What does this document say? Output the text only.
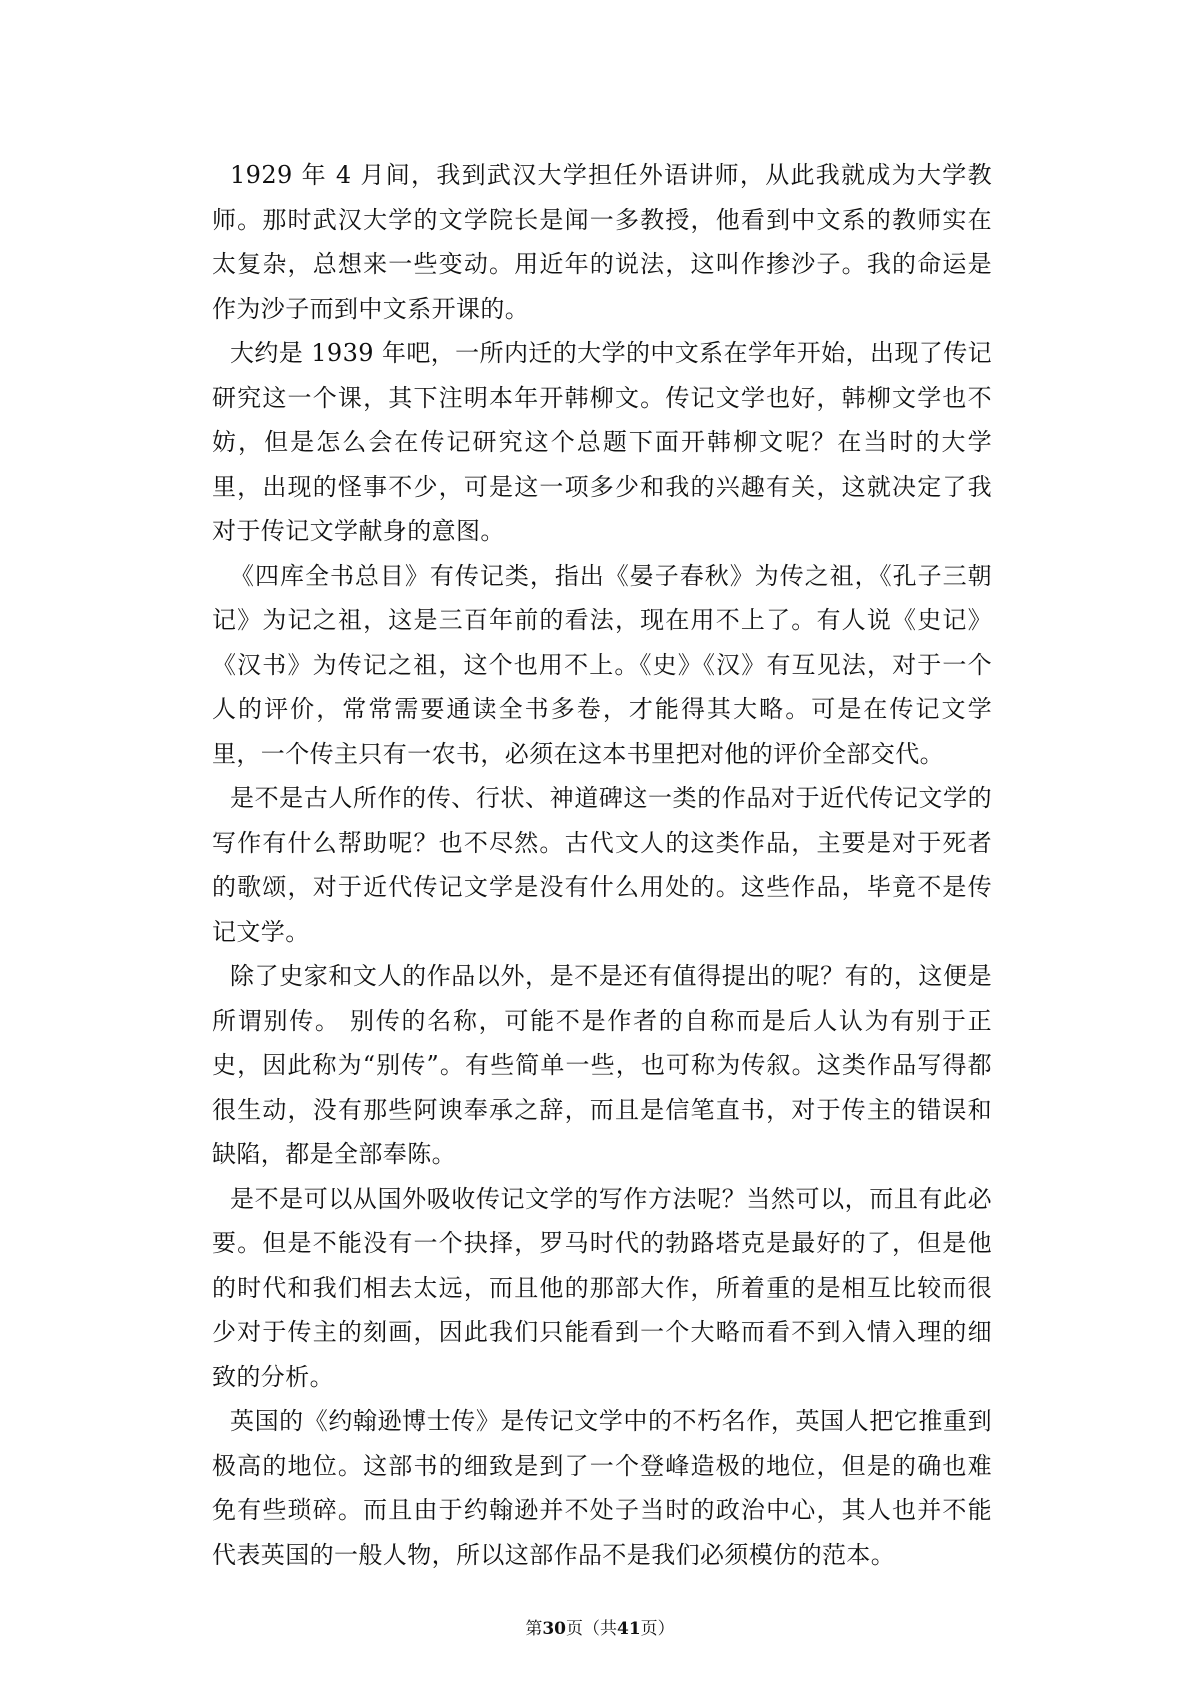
1929 年 4 月间，我到武汉大学担任外语讲师，从此我就成为大学教师。那时武汉大学的文学院长是闻一多教授，他看到中文系的教师实在太复杂，总想来一些变动。用近年的说法，这叫作掺沙子。我的命运是作为沙子而到中文系开课的。

大约是 1939 年吧，一所内迁的大学的中文系在学年开始，出现了传记研究这一个课，其下注明本年开韩柳文。传记文学也好，韩柳文学也不妨，但是怎么会在传记研究这个总题下面开韩柳文呢？在当时的大学里，出现的怪事不少，可是这一项多少和我的兴趣有关，这就决定了我对于传记文学献身的意图。

《四库全书总目》有传记类，指出《晏子春秋》为传之祖，《孔子三朝记》为记之祖，这是三百年前的看法，现在用不上了。有人说《史记》《汉书》为传记之祖，这个也用不上。《史》《汉》有互见法，对于一个人的评价，常常需要通读全书多卷，才能得其大略。可是在传记文学里，一个传主只有一农书，必须在这本书里把对他的评价全部交代。

是不是古人所作的传、行状、神道碑这一类的作品对于近代传记文学的写作有什么帮助呢？也不尽然。古代文人的这类作品，主要是对于死者的歌颂，对于近代传记文学是没有什么用处的。这些作品，毕竟不是传记文学。

除了史家和文人的作品以外，是不是还有值得提出的呢？有的，这便是所谓别传。 别传的名称，可能不是作者的自称而是后人认为有别于正史，因此称为“别传”。有些简单一些，也可称为传叙。这类作品写得都很生动，没有那些阿谀奉承之辞，而且是信笔直书，对于传主的错误和缺陷，都是全部奉陈。

是不是可以从国外吸收传记文学的写作方法呢？当然可以，而且有此必要。但是不能没有一个抉择，罗马时代的勃路塔克是最好的了，但是他的时代和我们相去太远，而且他的那部大作，所着重的是相互比较而很少对于传主的刻画，因此我们只能看到一个大略而看不到入情入理的细致的分析。

英国的《约翰逊博士传》是传记文学中的不朽名作，英国人把它推重到极高的地位。这部书的细致是到了一个登峰造极的地位，但是的确也难免有些琐碎。而且由于约翰逊并不处子当时的政治中心，其人也并不能代表英国的一般人物，所以这部作品不是我们必须模仿的范本。

第30页（共41页）
